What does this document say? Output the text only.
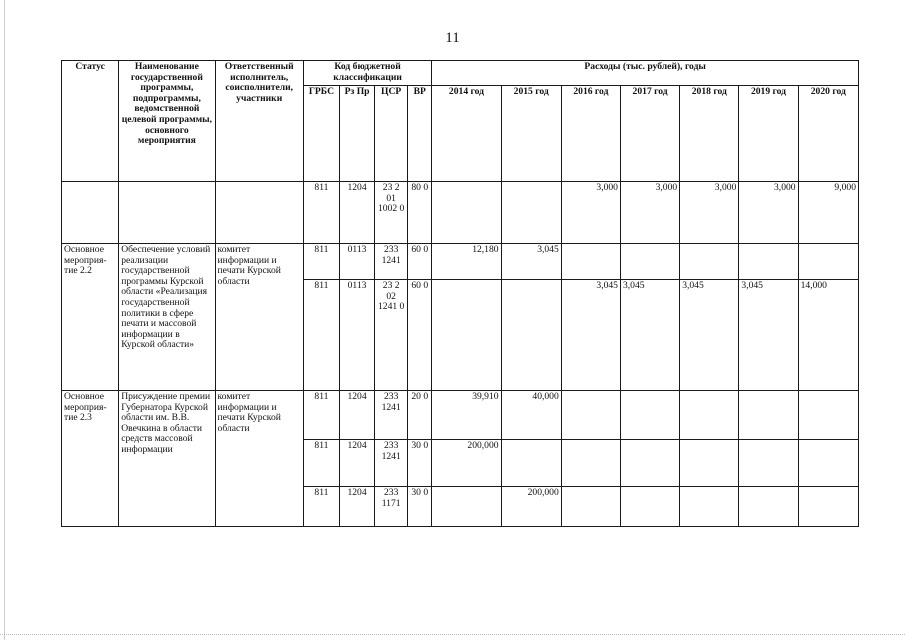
11
Статус	Наименование государственной программы, подпрограммы, ведомственной целевой программы, основного мероприятия	Ответственный исполнитель, соисполнители, участники	Код бюджетной классификации				Расходы (тыс. рублей), годы						
			ГРБС	Рз Пр	ЦСР	ВР	2014 год	2015 год	2016 год	2017 год	2018 год	2019 год	2020 год
			811	1204	23 2 01 1002 0	80 0			3,000	3,000	3,000	3,000	9,000
Основное мероприя-тие 2.2	Обеспечение условий реализации государственной программы Курской области «Реализация государственной политики в сфере печати и массовой информации в Курской области»	комитет информации и печати Курской области	811	0113	233 1241	60 0	12,180	3,045					
			811	0113	23 2 02 1241 0	60 0			3,045	3,045	3,045	3,045	14,000
Основное мероприя-тие 2.3	Присуждение премии Губернатора Курской области им. В.В. Овечкина в области средств массовой информации	комитет информации и печати Курской области	811	1204	233 1241	20 0	39,910	40,000					
			811	1204	233 1241	30 0	200,000						
			811	1204	233 1171	30 0		200,000					
